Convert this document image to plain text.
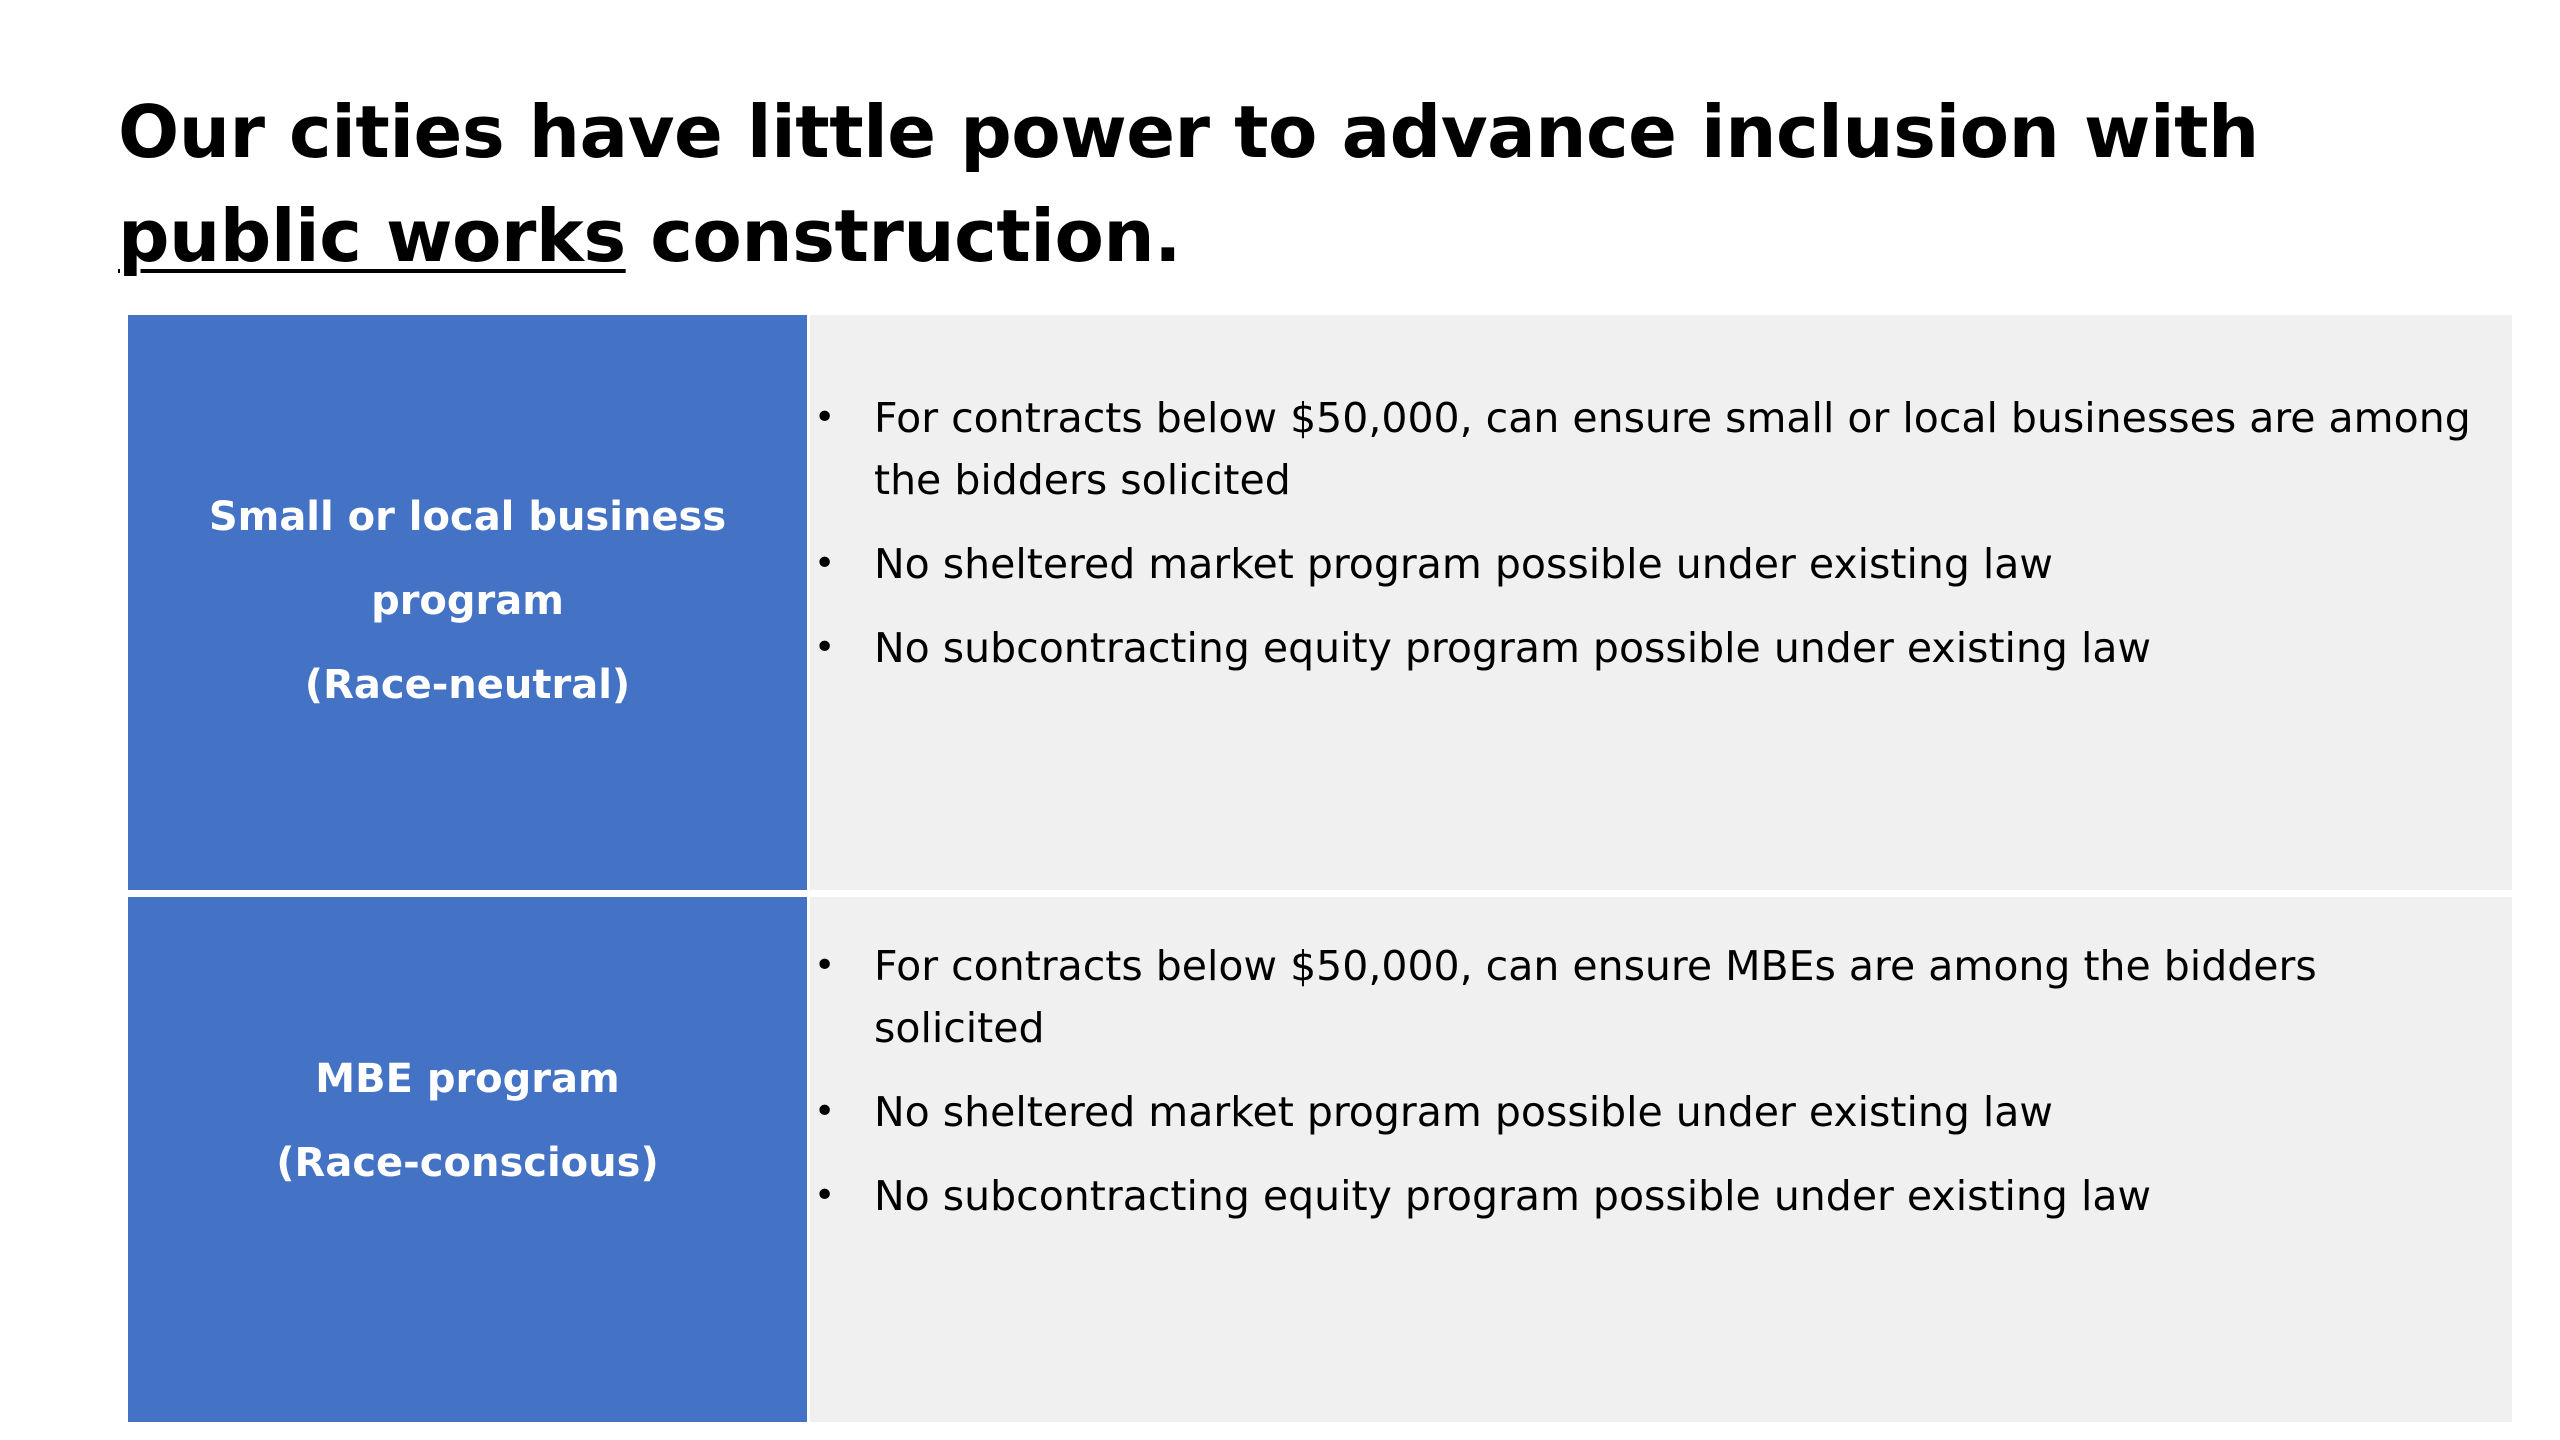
Our cities have little power to advance inclusion with public works construction.
Small or local business program
(Race-neutral)
• For contracts below $50,000, can ensure small or local businesses are among the bidders solicited
• No sheltered market program possible under existing law
• No subcontracting equity program possible under existing law
MBE program
(Race-conscious)
• For contracts below $50,000, can ensure MBEs are among the bidders solicited
• No sheltered market program possible under existing law
• No subcontracting equity program possible under existing law
